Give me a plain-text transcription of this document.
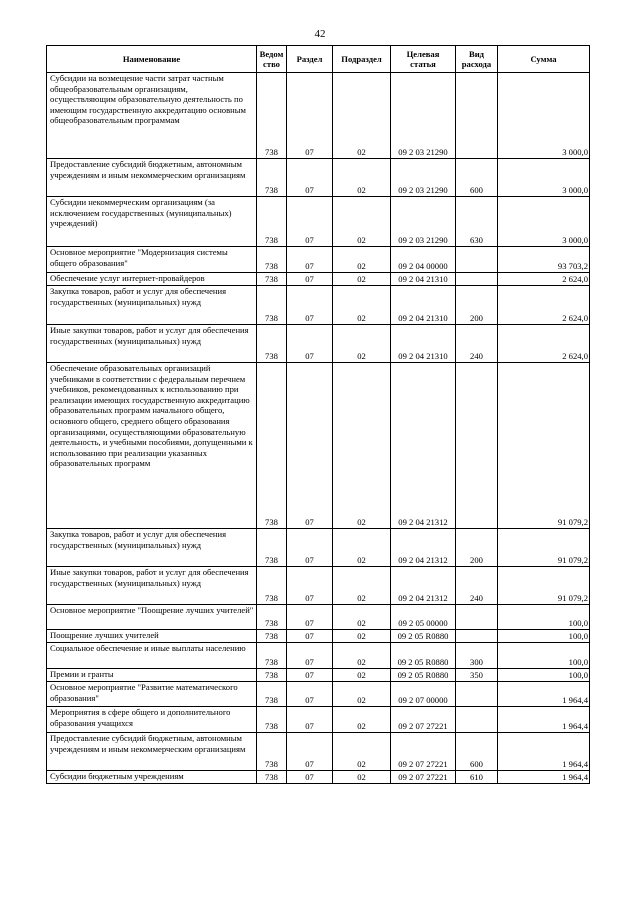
42
Наименование	Ведом ство	Раздел	Подраздел	Целевая статья	Вид расхода	Сумма
Субсидии на возмещение части затрат частным общеобразовательным организациям, осуществляющим образовательную деятельность по имеющим государственную аккредитацию основным общеобразовательным программам	738	07	02	09 2 03 21290		3 000,0
Предоставление субсидий бюджетным, автономным учреждениям и иным некоммерческим организациям	738	07	02	09 2 03 21290	600	3 000,0
Субсидии некоммерческим организациям (за исключением государственных (муниципальных) учреждений)	738	07	02	09 2 03 21290	630	3 000,0
Основное мероприятие "Модернизация системы общего образования"	738	07	02	09 2 04 00000		93 703,2
Обеспечение услуг интернет-провайдеров	738	07	02	09 2 04 21310		2 624,0
Закупка товаров, работ и услуг для обеспечения государственных (муниципальных) нужд	738	07	02	09 2 04 21310	200	2 624,0
Иные закупки товаров, работ и услуг для обеспечения государственных (муниципальных) нужд	738	07	02	09 2 04 21310	240	2 624,0
Обеспечение образовательных организаций учебниками в соответствии с федеральным перечнем учебников, рекомендованных к использованию при реализации имеющих государственную аккредитацию образовательных программ начального общего, основного общего, среднего общего образования организациями, осуществляющими образовательную деятельность, и учебными пособиями, допущенными к использованию при реализации указанных образовательных программ	738	07	02	09 2 04 21312		91 079,2
Закупка товаров, работ и услуг для обеспечения государственных (муниципальных) нужд	738	07	02	09 2 04 21312	200	91 079,2
Иные закупки товаров, работ и услуг для обеспечения государственных (муниципальных) нужд	738	07	02	09 2 04 21312	240	91 079,2
Основное мероприятие "Поощрение лучших учителей"	738	07	02	09 2 05 00000		100,0
Поощрение лучших учителей	738	07	02	09 2 05 R0880		100,0
Социальное обеспечение и иные выплаты населению	738	07	02	09 2 05 R0880	300	100,0
Премии и гранты	738	07	02	09 2 05 R0880	350	100,0
Основное мероприятие "Развитие математического образования"	738	07	02	09 2 07 00000		1 964,4
Мероприятия в сфере общего и дополнительного образования учащихся	738	07	02	09 2 07 27221		1 964,4
Предоставление субсидий бюджетным, автономным учреждениям и иным некоммерческим организациям	738	07	02	09 2 07 27221	600	1 964,4
Субсидии бюджетным учреждениям	738	07	02	09 2 07 27221	610	1 964,4
